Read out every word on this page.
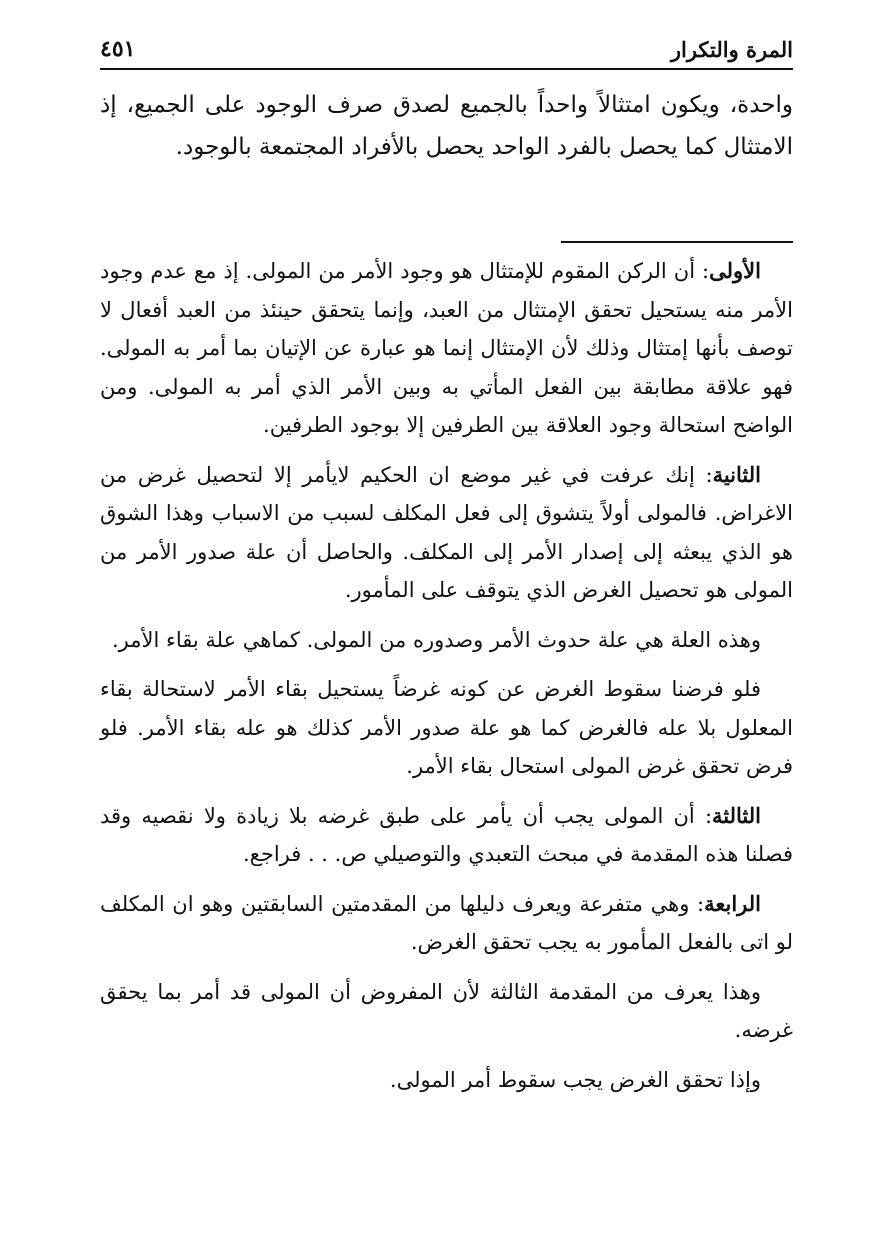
المرة والتكرار
٤٥١

واحدة، ويكون امتثالاً واحداً بالجميع لصدق صرف الوجود على الجميع، إذ الامتثال كما يحصل بالفرد الواحد يحصل بالأفراد المجتمعة بالوجود.

الأولى: أن الركن المقوم للإمتثال هو وجود الأمر من المولى. إذ مع عدم وجود الأمر منه يستحيل تحقق الإمتثال من العبد، وإنما يتحقق حينئذ من العبد أفعال لا توصف بأنها إمتثال وذلك لأن الإمتثال إنما هو عبارة عن الإتيان بما أمر به المولى. فهو علاقة مطابقة بين الفعل المأتي به وبين الأمر الذي أمر به المولى. ومن الواضح استحالة وجود العلاقة بين الطرفين إلا بوجود الطرفين.

الثانية: إنك عرفت في غير موضع ان الحكيم لايأمر إلا لتحصيل غرض من الاغراض. فالمولى أولاً يتشوق إلى فعل المكلف لسبب من الاسباب وهذا الشوق هو الذي يبعثه إلى إصدار الأمر إلى المكلف. والحاصل أن علة صدور الأمر من المولى هو تحصيل الغرض الذي يتوقف على المأمور.

وهذه العلة هي علة حدوث الأمر وصدوره من المولى. كماهي علة بقاء الأمر.

فلو فرضنا سقوط الغرض عن كونه غرضاً يستحيل بقاء الأمر لاستحالة بقاء المعلول بلا عله فالغرض كما هو علة صدور الأمر كذلك هو عله بقاء الأمر. فلو فرض تحقق غرض المولى استحال بقاء الأمر.

الثالثة: أن المولى يجب أن يأمر على طبق غرضه بلا زيادة ولا نقصيه وقد فصلنا هذه المقدمة في مبحث التعبدي والتوصيلي ص. . . فراجع.

الرابعة: وهي متفرعة ويعرف دليلها من المقدمتين السابقتين وهو ان المكلف لو اتى بالفعل المأمور به يجب تحقق الغرض.

وهذا يعرف من المقدمة الثالثة لأن المفروض أن المولى قد أمر بما يحقق غرضه.

وإذا تحقق الغرض يجب سقوط أمر المولى.
